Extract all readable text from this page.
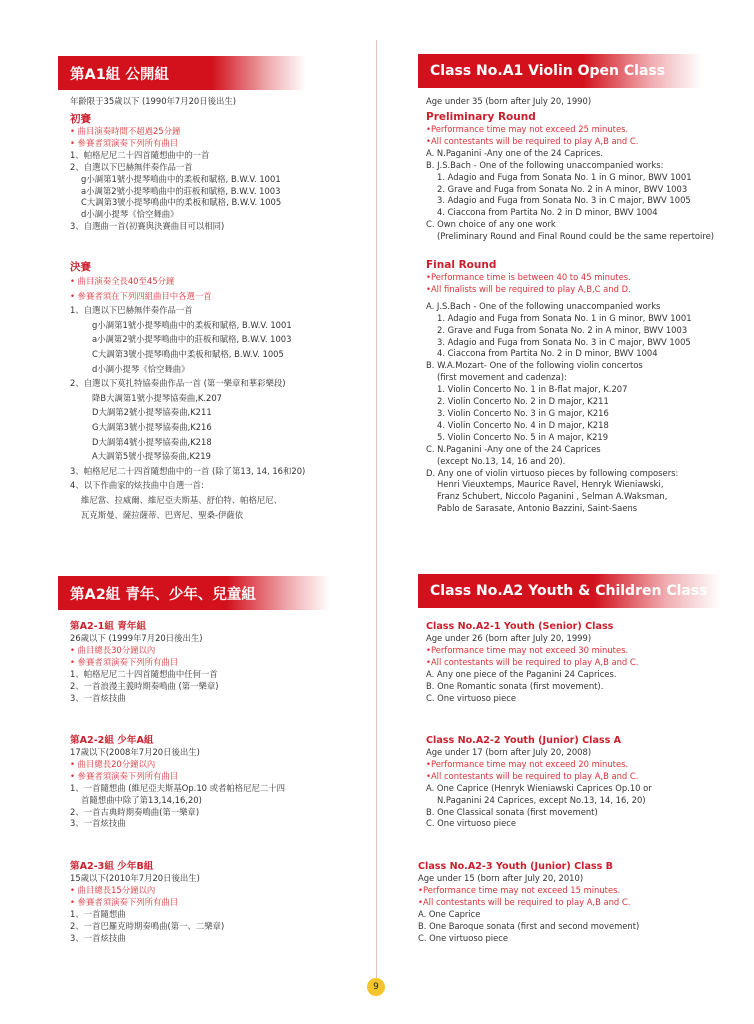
第A1組 公開組
年齡限于35歲以下 (1990年7月20日後出生)
初賽
• 曲目演奏時間不超過25分鐘
• 參賽者須演奏下列所有曲目
1、帕格尼尼二十四首隨想曲中的一首
2、自選以下巴赫無伴奏作品一首
g小調第1號小提琴鳴曲中的柔板和賦格, B.W.V. 1001
a小調第2號小提琴鳴曲中的莊板和賦格, B.W.V. 1003
C大調第3號小提琴鳴曲中的柔板和賦格, B.W.V. 1005
d小調小提琴《恰空舞曲》
3、自選曲一首(初賽與決賽曲目可以相同)
決賽
• 曲目演奏全長40至45分鐘
• 參賽者須在下列四組曲目中各選一首
1、自選以下巴赫無伴奏作品一首
g小調第1號小提琴鳴曲中的柔板和賦格, B.W.V. 1001
a小調第2號小提琴鳴曲中的莊板和賦格, B.W.V. 1003
C大調第3號小提琴鳴曲中柔板和賦格, B.W.V. 1005
d小調小提琴《恰空舞曲》
2、自選以下莫扎特協奏曲作品一首 (第一樂章和華彩樂段)
降B大調第1號小提琴協奏曲,K.207
D大調第2號小提琴協奏曲,K211
G大調第3號小提琴協奏曲,K216
D大調第4號小提琴協奏曲,K218
A大調第5號小提琴協奏曲,K219
3、帕格尼尼二十四首隨想曲中的一首 (除了第13, 14, 16和20)
4、以下作曲家的炫技曲中自選一首:
維尼當、拉威爾、維尼亞夫斯基、舒伯特、帕格尼尼、
瓦克斯曼、薩拉薩蒂、巴齊尼、聖桑-伊薩依
第A2組 青年、少年、兒童組
第A2-1組 青年組
26歲以下 (1999年7月20日後出生)
• 曲目總長30分鐘以內
• 參賽者須演奏下列所有曲目
1、帕格尼尼二十四首隨想曲中任何一首
2、一首浪漫主義時期奏鳴曲 (第一樂章)
3、一首炫技曲
第A2-2組 少年A組
17歲以下(2008年7月20日後出生)
• 曲目總長20分鐘以內
• 參賽者須演奏下列所有曲目
1、一首隨想曲 (維尼亞夫斯基Op.10 或者帕格尼尼二十四
首隨想曲中除了第13,14,16,20)
2、一首古典時期奏鳴曲(第一樂章)
3、一首炫技曲
第A2-3組 少年B組
15歲以下(2010年7月20日後出生)
• 曲目總長15分鐘以內
• 參賽者須演奏下列所有曲目
1、一首隨想曲
2、一首巴羅克時期奏鳴曲(第一、二樂章)
3、一首炫技曲
Class No.A1 Violin Open Class
Age under 35 (born after July 20, 1990)
Preliminary Round
•Performance time may not exceed 25 minutes.
•All contestants will be required to play A,B and C.
A. N.Paganini -Any one of the 24 Caprices.
B. J.S.Bach - One of the following unaccompanied works:
1. Adagio and Fuga from Sonata No. 1 in G minor, BWV 1001
2. Grave and Fuga from Sonata No. 2 in A minor, BWV 1003
3. Adagio and Fuga from Sonata No. 3 in C major, BWV 1005
4. Ciaccona from Partita No. 2 in D minor, BWV 1004
C. Own choice of any one work
(Preliminary Round and Final Round could be the same repertoire)
Final Round
•Performance time is between 40 to 45 minutes.
•All finalists will be required to play A,B,C and D.
A. J.S.Bach - One of the following unaccompanied works
1. Adagio and Fuga from Sonata No. 1 in G minor, BWV 1001
2. Grave and Fuga from Sonata No. 2 in A minor, BWV 1003
3. Adagio and Fuga from Sonata No. 3 in C major, BWV 1005
4. Ciaccona from Partita No. 2 in D minor, BWV 1004
B. W.A.Mozart- One of the following violin concertos
(first movement and cadenza):
1. Violin Concerto No. 1 in B-flat major, K.207
2. Violin Concerto No. 2 in D major, K211
3. Violin Concerto No. 3 in G major, K216
4. Violin Concerto No. 4 in D major, K218
5. Violin Concerto No. 5 in A major, K219
C. N.Paganini -Any one of the 24 Caprices
(except No.13, 14, 16 and 20).
D. Any one of violin virtuoso pieces by following composers:
Henri Vieuxtemps, Maurice Ravel, Henryk Wieniawski,
Franz Schubert, Niccolo Paganini , Selman A.Waksman,
Pablo de Sarasate, Antonio Bazzini, Saint-Saens
Class No.A2 Youth & Children Class
Class No.A2-1 Youth (Senior) Class
Age under 26 (born after July 20, 1999)
•Performance time may not exceed 30 minutes.
•All contestants will be required to play A,B and C.
A. Any one piece of the Paganini 24 Caprices.
B. One Romantic sonata (first movement).
C. One virtuoso piece
Class No.A2-2 Youth (Junior) Class A
Age under 17 (born after July 20, 2008)
•Performance time may not exceed 20 minutes.
•All contestants will be required to play A,B and C.
A. One Caprice (Henryk Wieniawski Caprices Op.10 or
N.Paganini 24 Caprices, except No.13, 14, 16, 20)
B. One Classical sonata (first movement)
C. One virtuoso piece
Class No.A2-3 Youth (Junior) Class B
Age under 15 (born after July 20, 2010)
•Performance time may not exceed 15 minutes.
•All contestants will be required to play A,B and C.
A. One Caprice
B. One Baroque sonata (first and second movement)
C. One virtuoso piece
9
